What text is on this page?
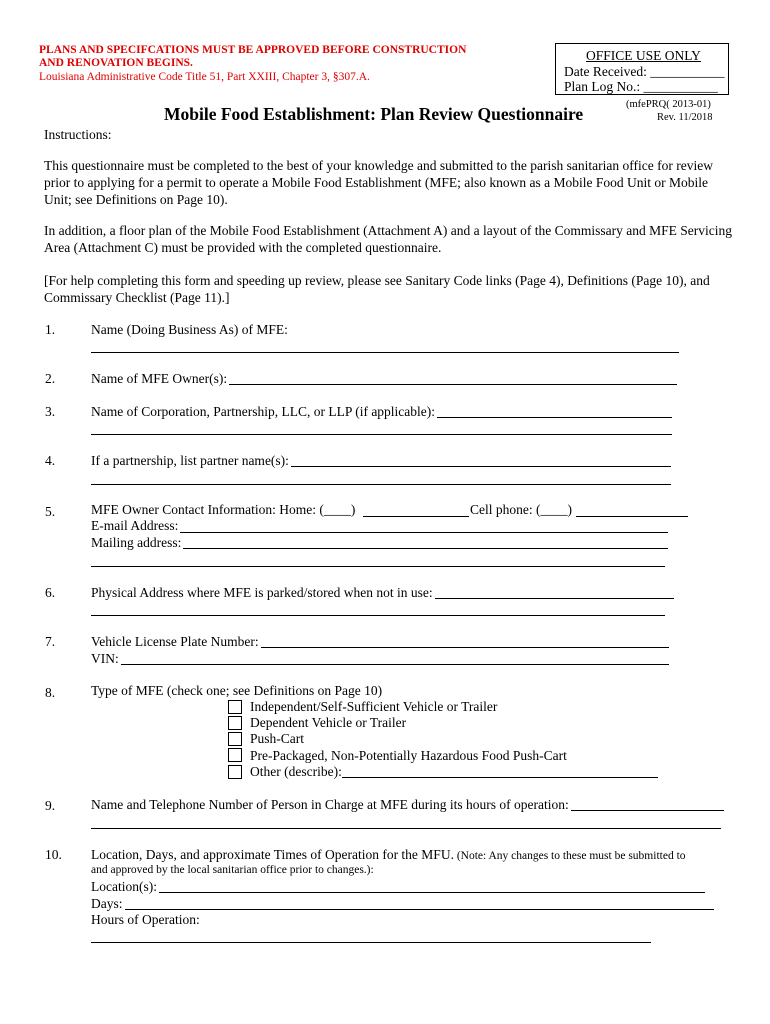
PLANS AND SPECIFCATIONS MUST BE APPROVED BEFORE CONSTRUCTION
AND RENOVATION BEGINS.
Louisiana Administrative Code Title 51, Part XXIII, Chapter 3, §307.A.
OFFICE USE ONLY
Date Received: ___________
Plan Log No.: ___________
Mobile Food Establishment: Plan Review Questionnaire	(mfePRQ( 2013-01)
Rev. 11/2018
Instructions:
This questionnaire must be completed to the best of your knowledge and submitted to the parish sanitarian office for review prior to applying for a permit to operate a Mobile Food Establishment (MFE; also known as a Mobile Food Unit or Mobile Unit; see Definitions on Page 10).
In addition, a floor plan of the Mobile Food Establishment (Attachment A) and a layout of the Commissary and MFE Servicing Area (Attachment C) must be provided with the completed questionnaire.
[For help completing this form and speeding up review, please see Sanitary Code links (Page 4), Definitions (Page 10), and Commissary Checklist (Page 11).]
1.	Name (Doing Business As) of MFE:
2.	Name of MFE Owner(s):
3.	Name of Corporation, Partnership, LLC, or LLP (if applicable):
4.	If a partnership, list partner name(s):
5.	MFE Owner Contact Information: Home: (____)	Cell phone: (____)
E-mail Address:
Mailing address:
6.	Physical Address where MFE is parked/stored when not in use:
7.	Vehicle License Plate Number:
VIN:
8.	Type of MFE (check one; see Definitions on Page 10)
Independent/Self-Sufficient Vehicle or Trailer
Dependent Vehicle or Trailer
Push-Cart
Pre-Packaged, Non-Potentially Hazardous Food Push-Cart
Other (describe):
9.	Name and Telephone Number of Person in Charge at MFE during its hours of operation:
10. Location, Days, and approximate Times of Operation for the MFU. (Note: Any changes to these must be submitted to
and approved by the local sanitarian office prior to changes.):
Location(s):
Days:
Hours of Operation:
